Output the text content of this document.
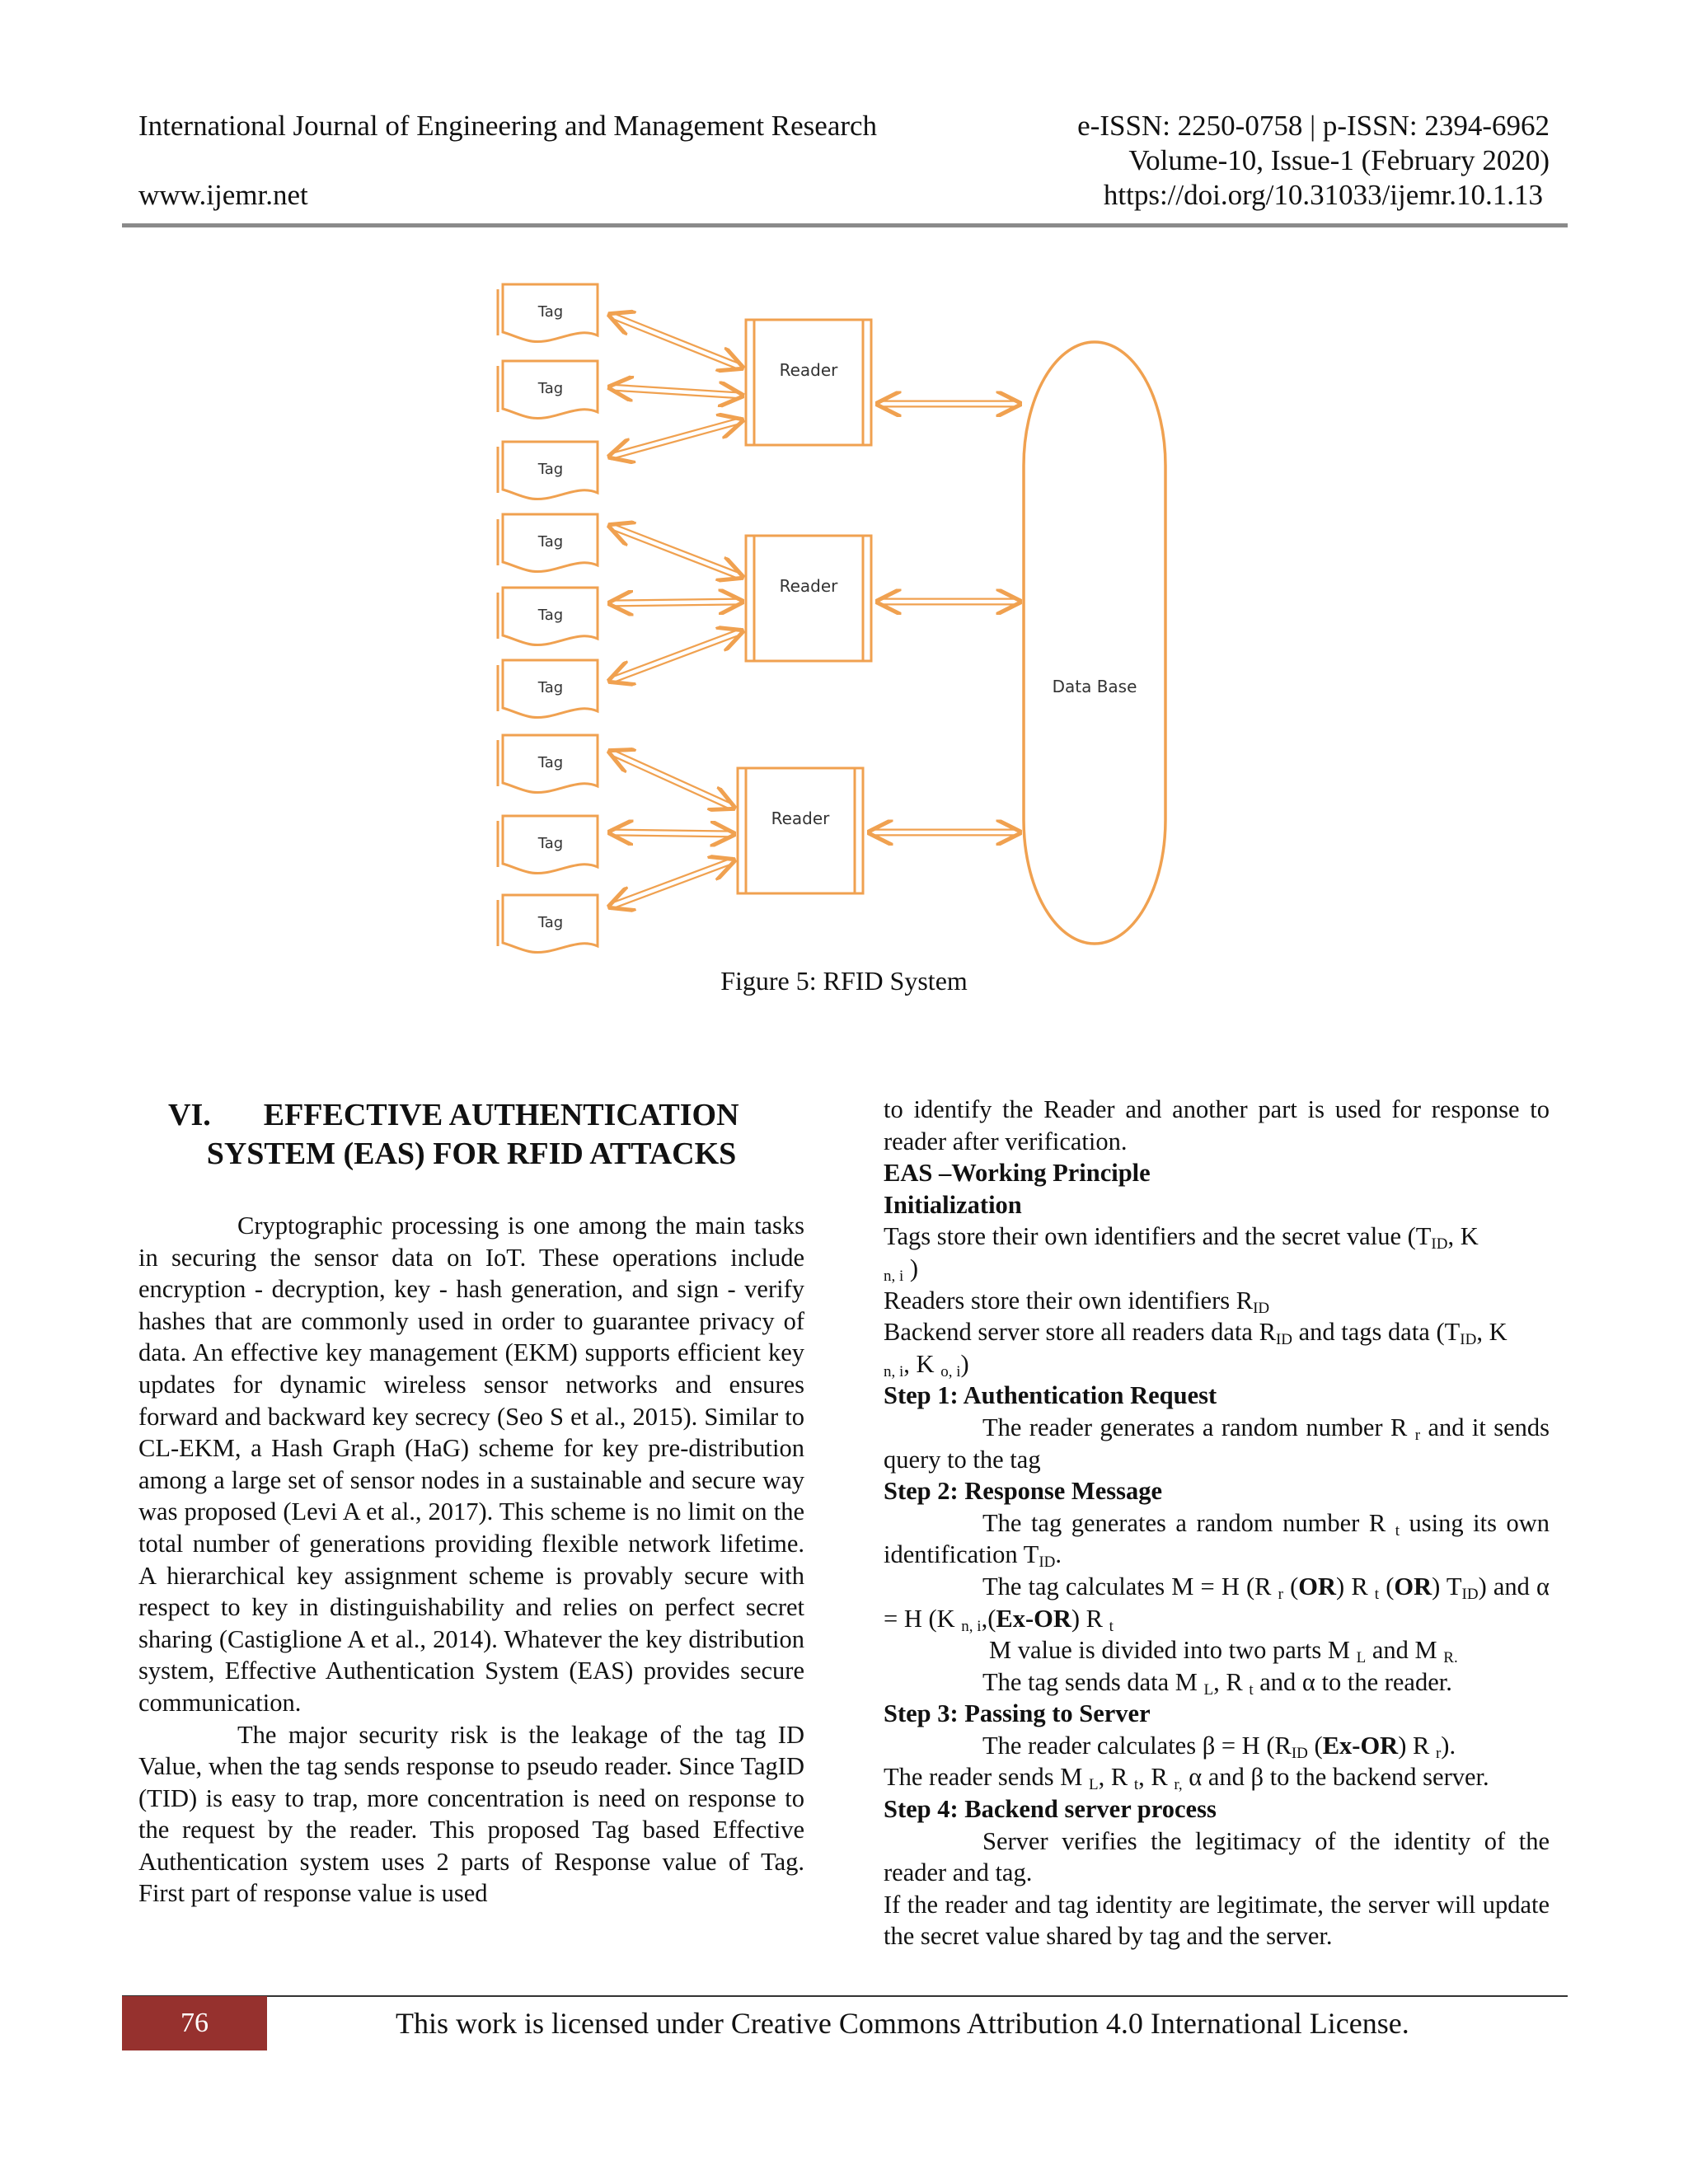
International Journal of Engineering and Management Research	e-ISSN: 2250-0758 | p-ISSN: 2394-6962
Volume-10, Issue-1 (February 2020)
www.ijemr.net	https://doi.org/10.31033/ijemr.10.1.13
Tag
Tag
Tag
Tag
Tag
Tag
Tag
Tag
Tag
Reader
Reader
Reader
Data Base
Figure 5: RFID System
VI. EFFECTIVE AUTHENTICATION
SYSTEM (EAS) FOR RFID ATTACKS

Cryptographic processing is one among the main tasks in securing the sensor data on IoT. These operations include encryption - decryption, key - hash generation, and sign - verify hashes that are commonly used in order to guarantee privacy of data. An effective key management (EKM) supports efficient key updates for dynamic wireless sensor networks and ensures forward and backward key secrecy (Seo S et al., 2015). Similar to CL-EKM, a Hash Graph (HaG) scheme for key pre-distribution among a large set of sensor nodes in a sustainable and secure way was proposed (Levi A et al., 2017). This scheme is no limit on the total number of generations providing flexible network lifetime. A hierarchical key assignment scheme is provably secure with respect to key in distinguishability and relies on perfect secret sharing (Castiglione A et al., 2014). Whatever the key distribution system, Effective Authentication System (EAS) provides secure communication.

The major security risk is the leakage of the tag ID Value, when the tag sends response to pseudo reader. Since TagID (TID) is easy to trap, more concentration is need on response to the request by the reader. This proposed Tag based Effective Authentication system uses 2 parts of Response value of Tag. First part of response value is used

to identify the Reader and another part is used for response to reader after verification.

EAS –Working Principle

Initialization

Tags store their own identifiers and the secret value ($T_{ID}$, K
$_{n, i}$ )

Readers store their own identifiers $R_{ID}$

Backend server store all readers data $R_{ID}$ and tags data ($T_{ID}$, K
$_{n, i}$, K $_{o, i}$)

Step 1: Authentication Request

The reader generates a random number R $_r$ and it sends query to the tag

Step 2: Response Message

The tag generates a random number R $_t$ using its own identification $T_{ID}$.

The tag calculates M = H (R $_r$ (OR) R $_t$ (OR) $T_{ID}$) and α = H (K $_{n, i}$,(Ex-OR) R $_t$

M value is divided into two parts M $_L$ and M $_{R.}$

The tag sends data M $_L$, R $_t$ and α to the reader.

Step 3: Passing to Server

The reader calculates β = H ($R_{ID}$ (Ex-OR) R $_r$).

The reader sends M $_L$, R $_t$, R $_{r,}$ α and β to the backend server.

Step 4: Backend server process

Server verifies the legitimacy of the identity of the reader and tag.

If the reader and tag identity are legitimate, the server will update the secret value shared by tag and the server.

76	This work is licensed under Creative Commons Attribution 4.0 International License.
